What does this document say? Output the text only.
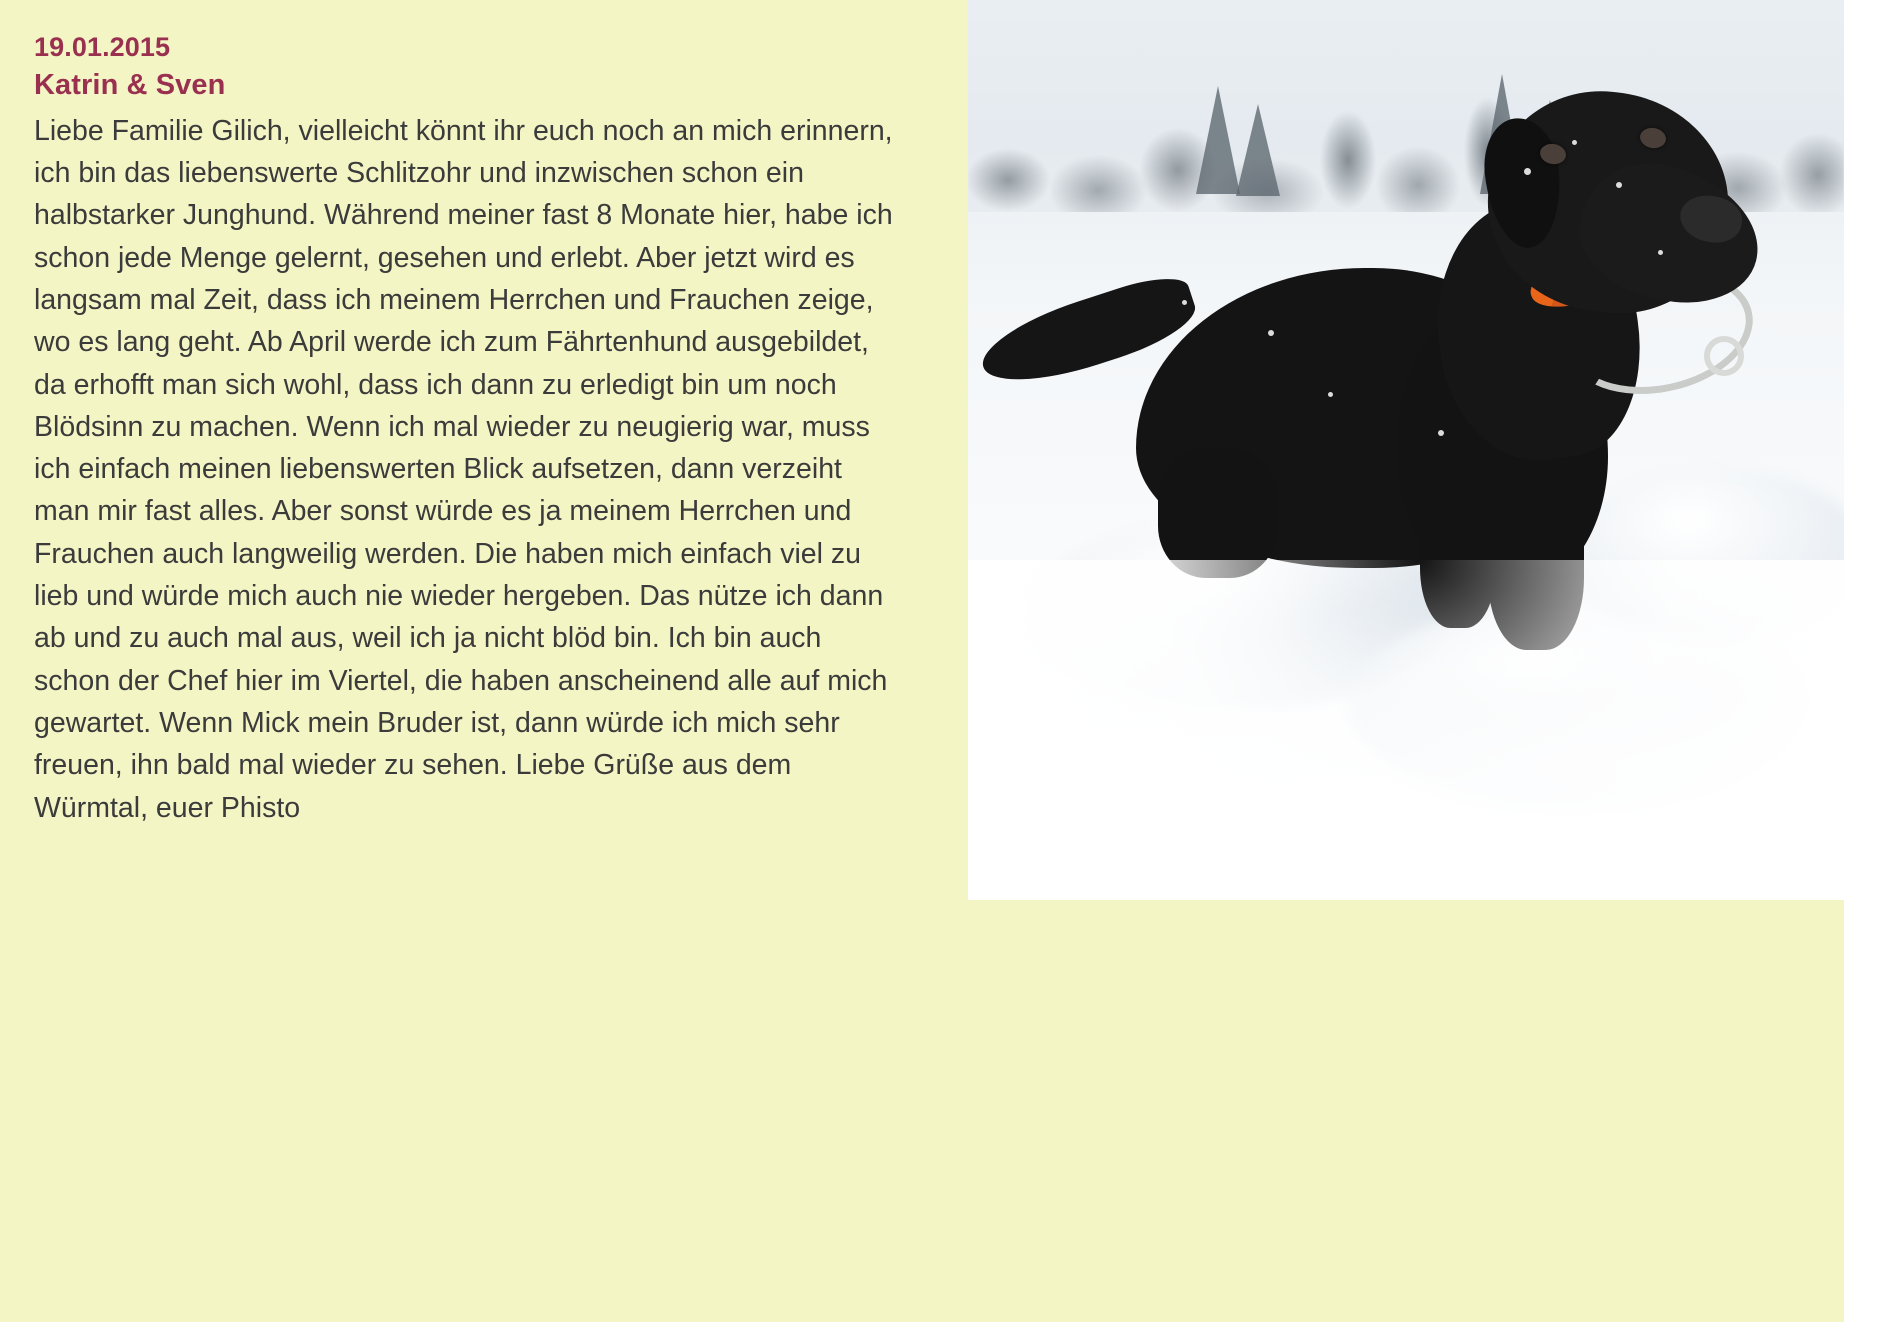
19.01.2015
Katrin & Sven

Liebe Familie Gilich, vielleicht könnt ihr euch noch an mich erinnern, ich bin das liebenswerte Schlitzohr und inzwischen schon ein halbstarker Junghund. Während meiner fast 8 Monate hier, habe ich schon jede Menge gelernt, gesehen und erlebt. Aber jetzt wird es langsam mal Zeit, dass ich meinem Herrchen und Frauchen zeige, wo es lang geht. Ab April werde ich zum Fährtenhund ausgebildet, da erhofft man sich wohl, dass ich dann zu erledigt bin um noch Blödsinn zu machen. Wenn ich mal wieder zu neugierig war, muss ich einfach meinen liebenswerten Blick aufsetzen, dann verzeiht man mir fast alles. Aber sonst würde es ja meinem Herrchen und Frauchen auch langweilig werden. Die haben mich einfach viel zu lieb und würde mich auch nie wieder hergeben. Das nütze ich dann ab und zu auch mal aus, weil ich ja nicht blöd bin. Ich bin auch schon der Chef hier im Viertel, die haben anscheinend alle auf mich gewartet. Wenn Mick mein Bruder ist, dann würde ich mich sehr freuen, ihn bald mal wieder zu sehen. Liebe Grüße aus dem Würmtal, euer Phisto
